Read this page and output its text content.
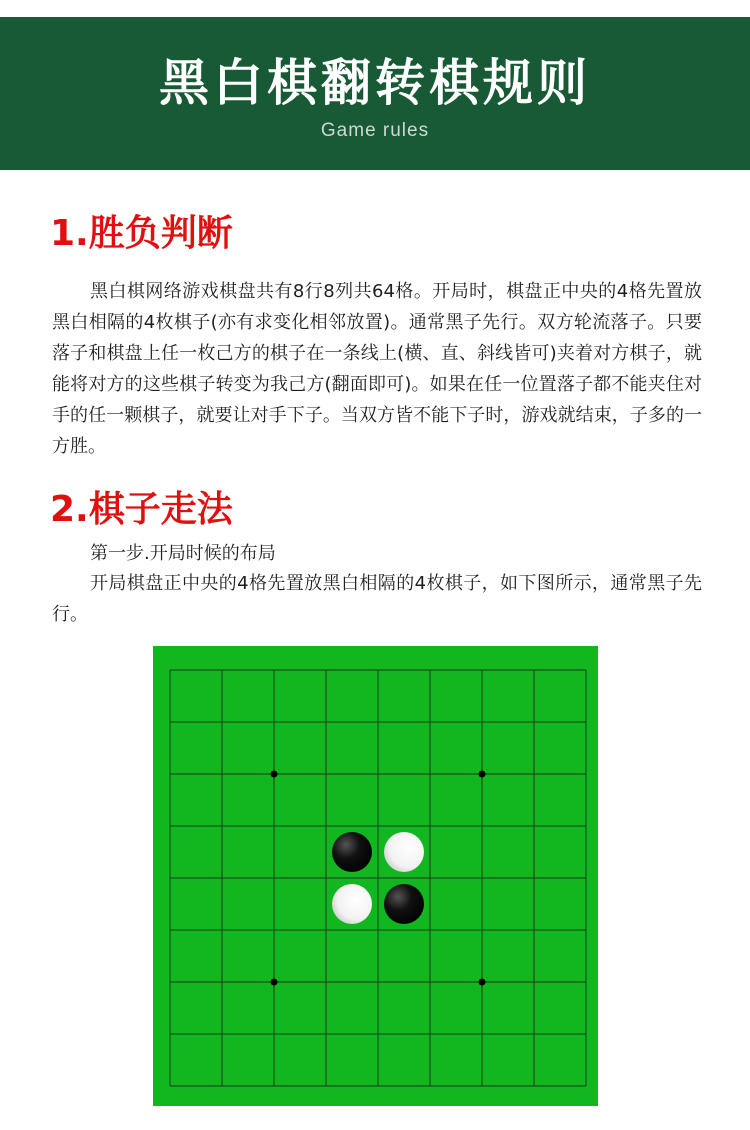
黑白棋翻转棋规则
Game rules
1.胜负判断
黑白棋网络游戏棋盘共有8行8列共64格。开局时，棋盘正中央的4格先置放黑白相隔的4枚棋子(亦有求变化相邻放置)。通常黑子先行。双方轮流落子。只要落子和棋盘上任一枚己方的棋子在一条线上(横、直、斜线皆可)夹着对方棋子，就能将对方的这些棋子转变为我己方(翻面即可)。如果在任一位置落子都不能夹住对手的任一颗棋子，就要让对手下子。当双方皆不能下子时，游戏就结束，子多的一方胜。
2.棋子走法
第一步.开局时候的布局
开局棋盘正中央的4格先置放黑白相隔的4枚棋子，如下图所示，通常黑子先行。
